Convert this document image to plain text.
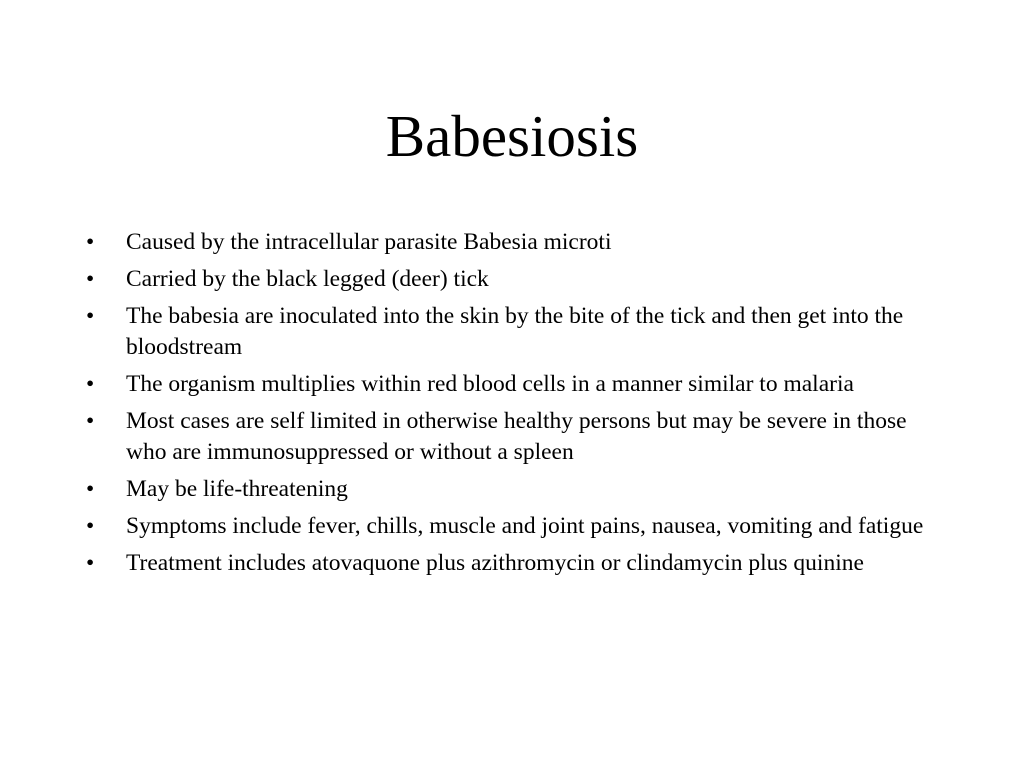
Babesiosis
•	Caused by the intracellular parasite Babesia microti
•	Carried by the black legged (deer) tick
•	The babesia are inoculated into the skin by the bite of the tick and then get into the bloodstream
•	The organism multiplies within red blood cells in a manner similar to malaria
•	Most cases are self limited in otherwise healthy persons but may be severe in those who are immunosuppressed or without a spleen
•	May be life-threatening
•	Symptoms include fever, chills, muscle and joint pains, nausea, vomiting and fatigue
•	Treatment includes atovaquone plus azithromycin or clindamycin plus quinine
